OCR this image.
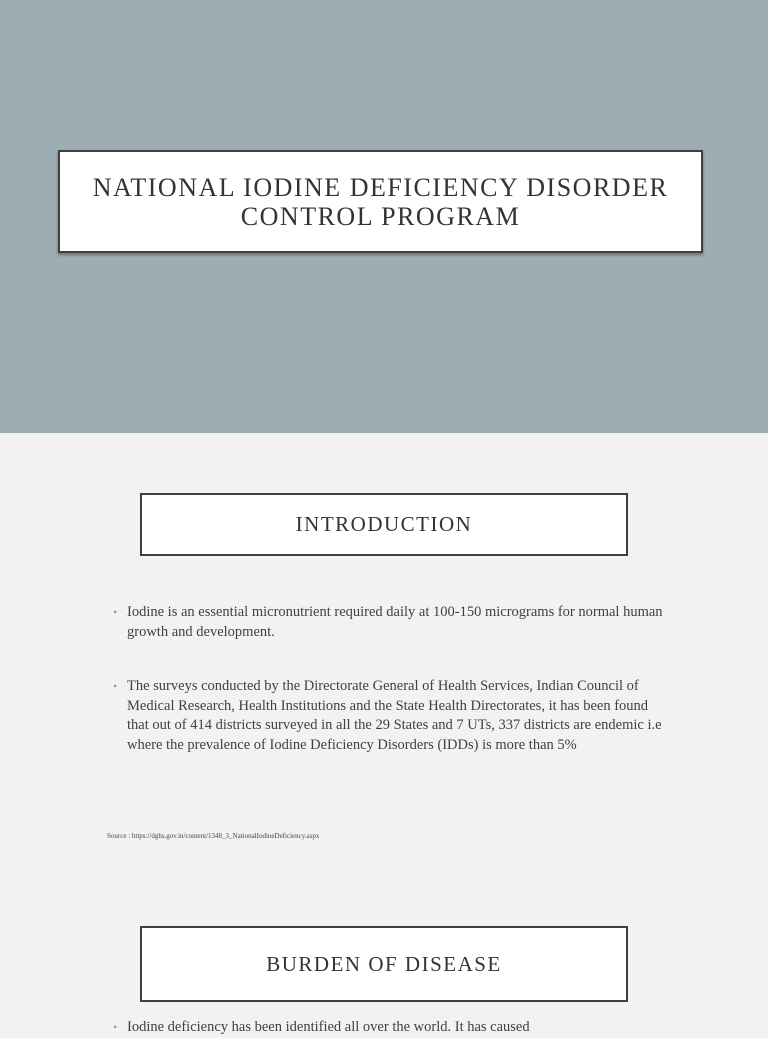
NATIONAL IODINE DEFICIENCY DISORDER CONTROL PROGRAM
INTRODUCTION
• Iodine is an essential micronutrient required daily at 100-150 micrograms for normal human growth and development.
• The surveys conducted by the Directorate General of Health Services, Indian Council of Medical Research, Health Institutions and the State Health Directorates, it has been found that out of 414 districts surveyed in all the 29 States and 7 UTs, 337 districts are endemic i.e where the prevalence of Iodine Deficiency Disorders (IDDs) is more than 5%
Source : https://dghs.gov.in/content/1348_3_NationalIodineDeficiency.aspx
BURDEN OF DISEASE
• Iodine deficiency has been identified all over the world. It has caused
